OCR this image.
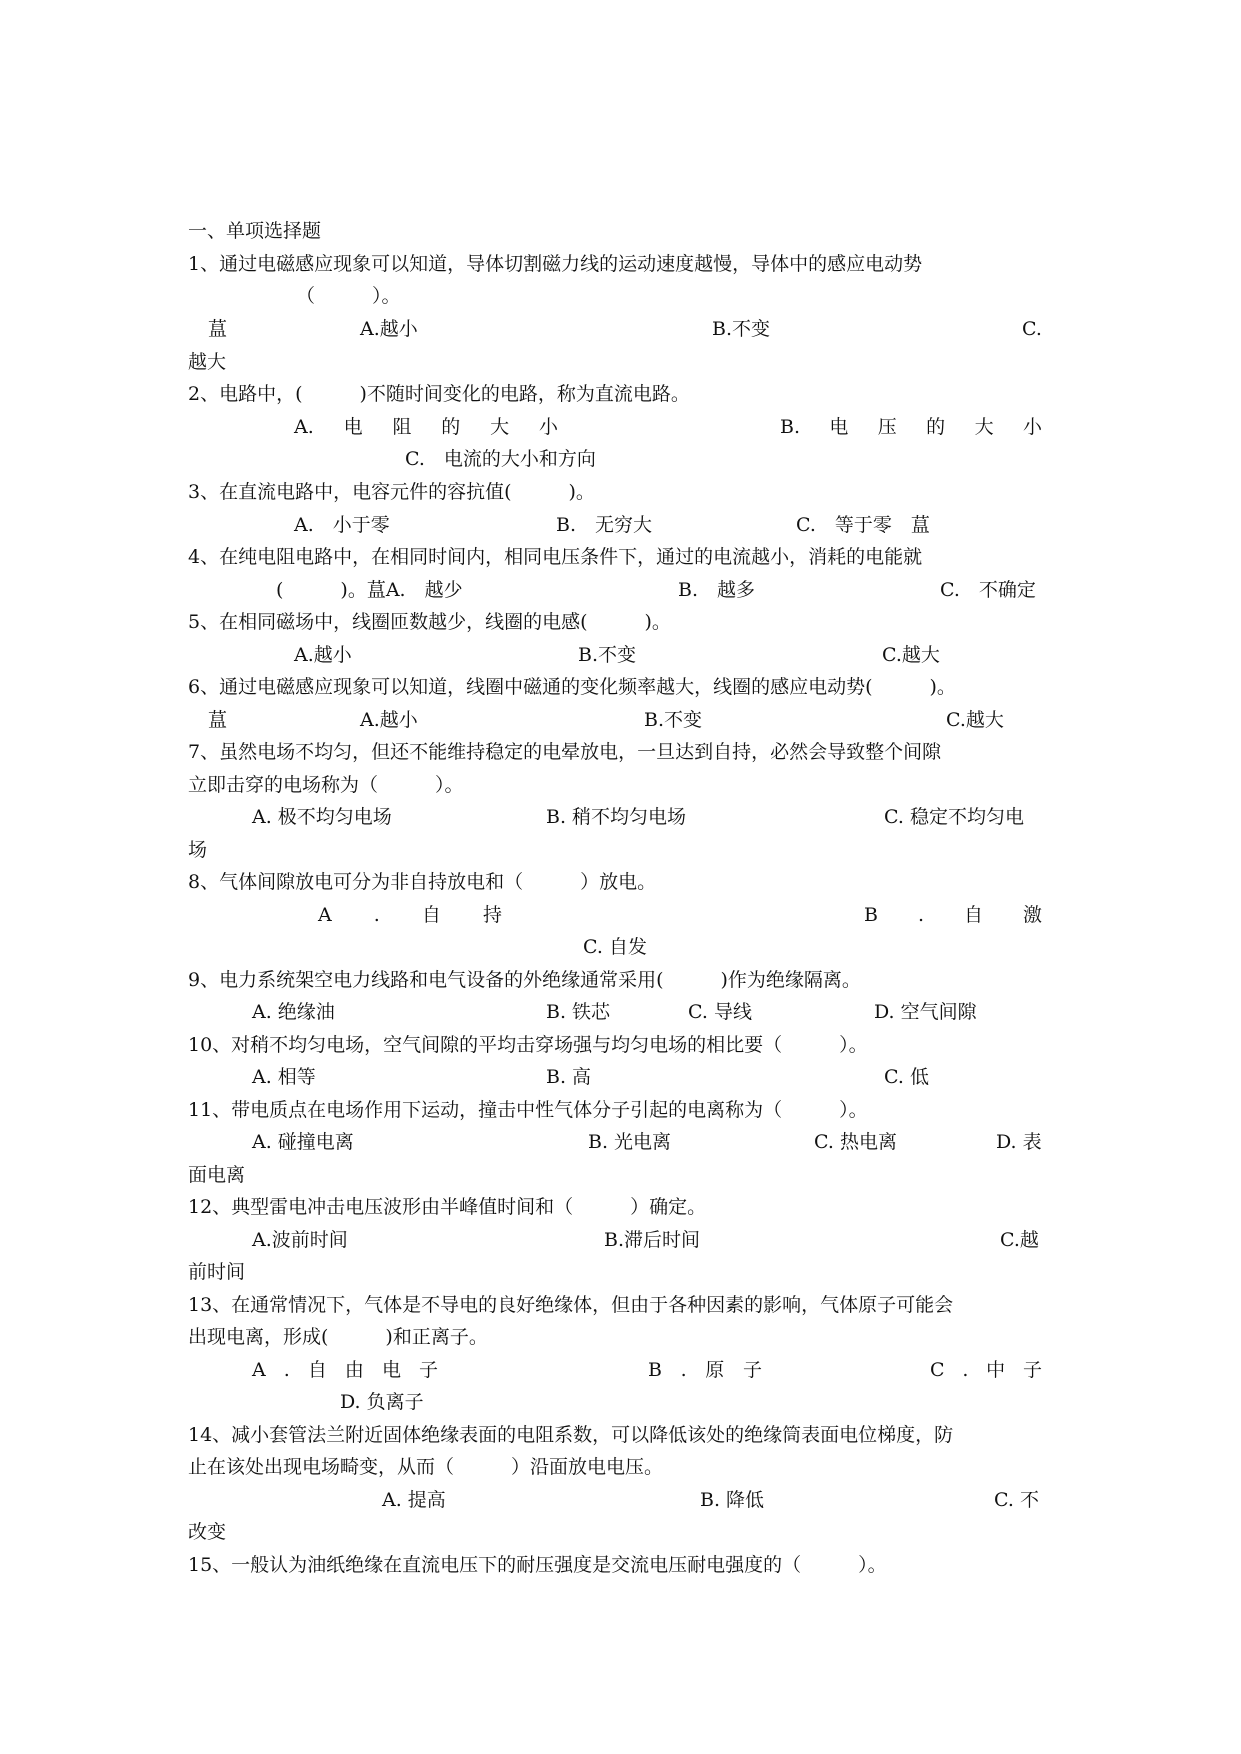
一、单项选择题
1、通过电磁感应现象可以知道，导体切割磁力线的运动速度越慢，导体中的感应电动势
（　　　）。
蒀	A.越小	B.不变	C.
越大
2、电路中，(　　　)不随时间变化的电路，称为直流电路。
A. 电 阻 的 大 小	B. 电 压 的 大 小
C.　电流的大小和方向
3、在直流电路中，电容元件的容抗值(　　　)。
A.　小于零	B.　无穷大	C.　等于零　蒀
4、在纯电阻电路中，在相同时间内，相同电压条件下，通过的电流越小，消耗的电能就
(　　　)。蒀A.　越少	B.　越多	C.　不确定
5、在相同磁场中，线圈匝数越少，线圈的电感(　　　)。
A.越小	B.不变	C.越大
6、通过电磁感应现象可以知道，线圈中磁通的变化频率越大，线圈的感应电动势(　　　)。
蒀	A.越小	B.不变	C.越大
7、虽然电场不均匀，但还不能维持稳定的电晕放电，一旦达到自持，必然会导致整个间隙
立即击穿的电场称为（　　　）。
A. 极不均匀电场	B. 稍不均匀电场	C. 稳定不均匀电
场
8、气体间隙放电可分为非自持放电和（　　　）放电。
A . 自 持	B . 自 激
C. 自发
9、电力系统架空电力线路和电气设备的外绝缘通常采用(　　　)作为绝缘隔离。
A. 绝缘油	B. 铁芯	C. 导线	D. 空气间隙
10、对稍不均匀电场，空气间隙的平均击穿场强与均匀电场的相比要（　　　）。
A. 相等	B. 高	C. 低
11、带电质点在电场作用下运动，撞击中性气体分子引起的电离称为（　　　）。
A. 碰撞电离	B. 光电离	C. 热电离	D. 表
面电离
12、典型雷电冲击电压波形由半峰值时间和（　　　）确定。
A.波前时间	B.滞后时间	C.越
前时间
13、在通常情况下，气体是不导电的良好绝缘体，但由于各种因素的影响，气体原子可能会
出现电离，形成(　　　)和正离子。
A . 自 由 电 子	B . 原 子	C . 中 子
D. 负离子
14、减小套管法兰附近固体绝缘表面的电阻系数，可以降低该处的绝缘筒表面电位梯度，防
止在该处出现电场畸变，从而（　　　）沿面放电电压。
A. 提高	B. 降低	C. 不
改变
15、一般认为油纸绝缘在直流电压下的耐压强度是交流电压耐电强度的（　　　）。
